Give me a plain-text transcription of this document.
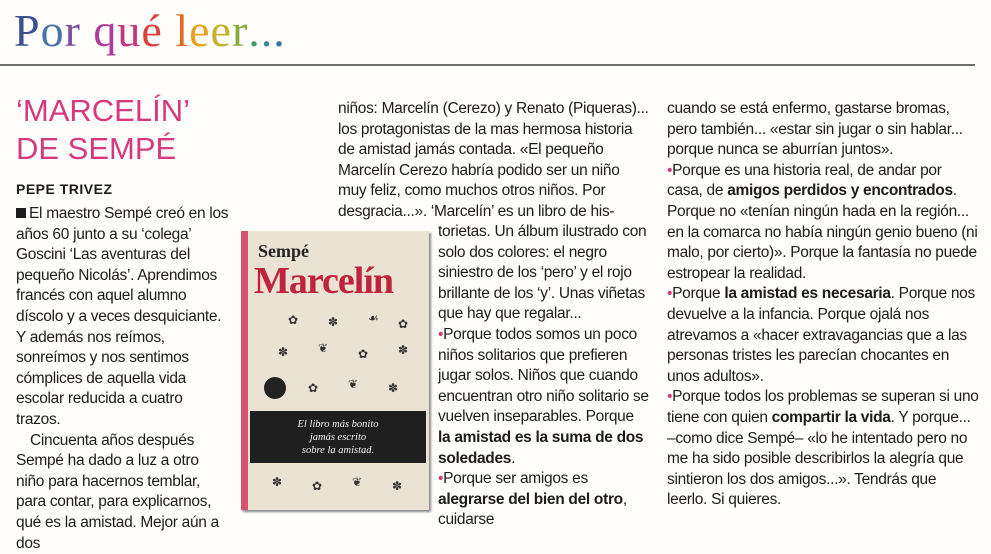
Por qué leer...
‘MARCELÍN’
DE SEMPÉ
PEPE TRIVEZ

El maestro Sempé creó en los años 60 junto a su ‘colega’ Goscini ‘Las aventuras del pequeño Nicolás’. Aprendimos francés con aquel alumno díscolo y a veces desquiciante. Y además nos reímos, sonreímos y nos sentimos cómplices de aquella vida escolar reducida a cuatro trazos.

Cincuenta años después Sempé ha dado a luz a otro niño para hacernos temblar, para contar, para explicarnos, qué es la amistad. Mejor aún a dos

niños: Marcelín (Cerezo) y Renato (Piqueras)... los protagonistas de la mas hermosa historia de amistad jamás contada. «El pequeño Marcelín Cerezo habría podido ser un niño muy feliz, como muchos otros niños. Por desgracia...». ‘Marcelín’ es un libro de his-

torietas. Un álbum ilustrado con solo dos colores: el negro siniestro de los ‘pero’ y el rojo brillante de los ‘y’. Unas viñetas que hay que regalar...

•Porque todos somos un poco niños solitarios que prefieren jugar solos. Niños que cuando encuentran otro niño solitario se vuelven inseparables. Porque la amistad es la suma de dos soledades.

•Porque ser amigos es alegrarse del bien del otro, cuidarse

cuando se está enfermo, gastarse bromas, pero también... «estar sin jugar o sin hablar... porque nunca se aburrían juntos».

•Porque es una historia real, de andar por casa, de amigos perdidos y encontrados. Porque no «tenían ningún hada en la región... en la comarca no había ningún genio bueno (ni malo, por cierto)». Porque la fantasía no puede estropear la realidad.

•Porque la amistad es necesaria. Porque nos devuelve a la infancia. Porque ojalá nos atrevamos a «hacer extravagancias que a las personas tristes les parecían chocantes en unos adultos».

•Porque todos los problemas se superan si uno tiene con quien compartir la vida. Y porque... –como dice Sempé– «lo he intentado pero no me ha sido posible describirlos la alegría que sintieron los dos amigos...». Tendrás que leerlo. Si quieres.

Sempé
Marcelín
✿ ✽ ☙ ✿
✽ ❦ ✿ ✽
✿ ❦ ✽
El libro más bonito
jamás escrito
sobre la amistad.
✽ ✿ ❦ ✽
